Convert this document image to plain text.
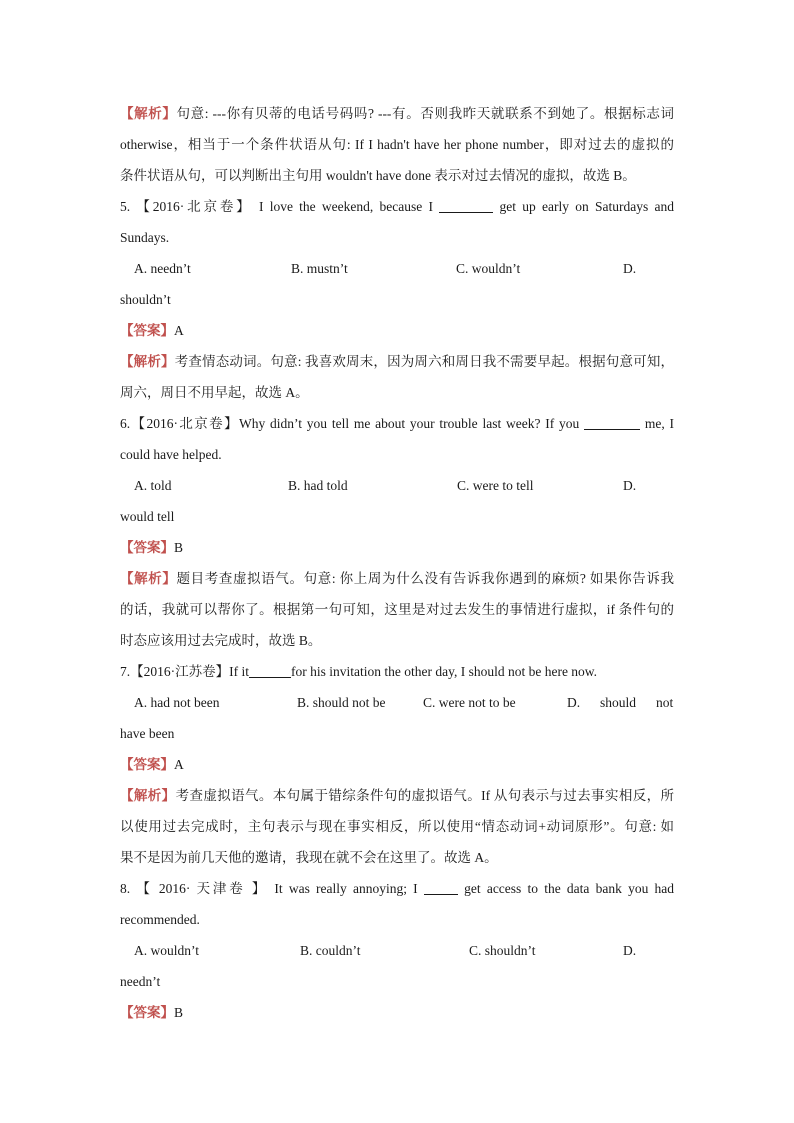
【解析】句意: ---你有贝蒂的电话号码吗? ---有。否则我昨天就联系不到她了。根据标志词
otherwise，相当于一个条件状语从句: If I hadn't have her phone number，即对过去的虚拟的
条件状语从句，可以判断出主句用 wouldn't have done 表示对过去情况的虚拟，故选 B。
5. 【2016·北京卷】 I love the weekend, because I	get up early on Saturdays and
Sundays.
A. needn’t	B. mustn’t	C. wouldn’t	D.
shouldn’t
【答案】A
【解析】考查情态动词。句意: 我喜欢周末，因为周六和周日我不需要早起。根据句意可知，
周六，周日不用早起，故选 A。
6.【2016·北京卷】Why didn’t you tell me about your trouble last week? If you	me, I
could have helped.
A. told	B. had told	C. were to tell	D.
would tell
【答案】B
【解析】题目考查虚拟语气。句意: 你上周为什么没有告诉我你遇到的麻烦? 如果你告诉我
的话，我就可以帮你了。根据第一句可知，这里是对过去发生的事情进行虚拟，if 条件句的
时态应该用过去完成时，故选 B。
7.【2016·江苏卷】If it	for his invitation the other day, I should not be here now.
A. had not been	B. should not be	C. were not to be	D.	should	not
have been
【答案】A
【解析】考查虚拟语气。本句属于错综条件句的虚拟语气。If 从句表示与过去事实相反，所
以使用过去完成时，主句表示与现在事实相反，所以使用“情态动词+动词原形”。句意: 如
果不是因为前几天他的邀请，我现在就不会在这里了。故选 A。
8. 【 2016· 天津卷 】 It was really annoying; I	get access to the data bank you had
recommended.
A. wouldn’t	B. couldn’t	C. shouldn’t	D.
needn’t
【答案】B
